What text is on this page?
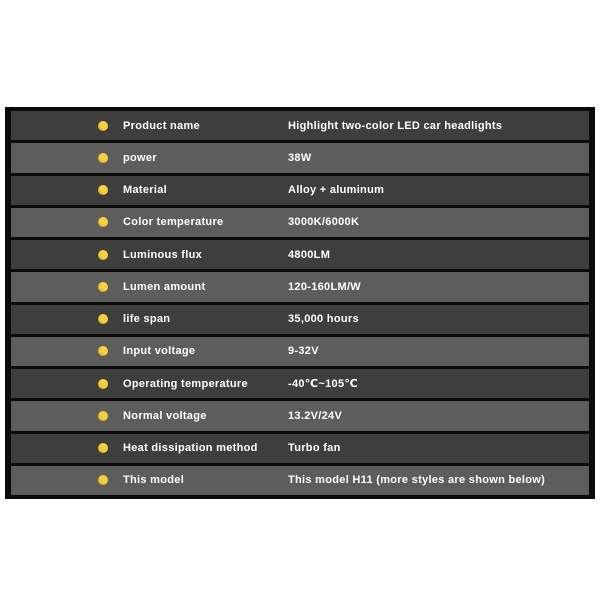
Product name	Highlight two-color LED car headlights
power	38W
Material	Alloy + aluminum
Color temperature	3000K/6000K
Luminous flux	4800LM
Lumen amount	120-160LM/W
life span	35,000 hours
Input voltage	9-32V
Operating temperature	-40℃~105℃
Normal voltage	13.2V/24V
Heat dissipation method	Turbo fan
This model	This model H11 (more styles are shown below)
